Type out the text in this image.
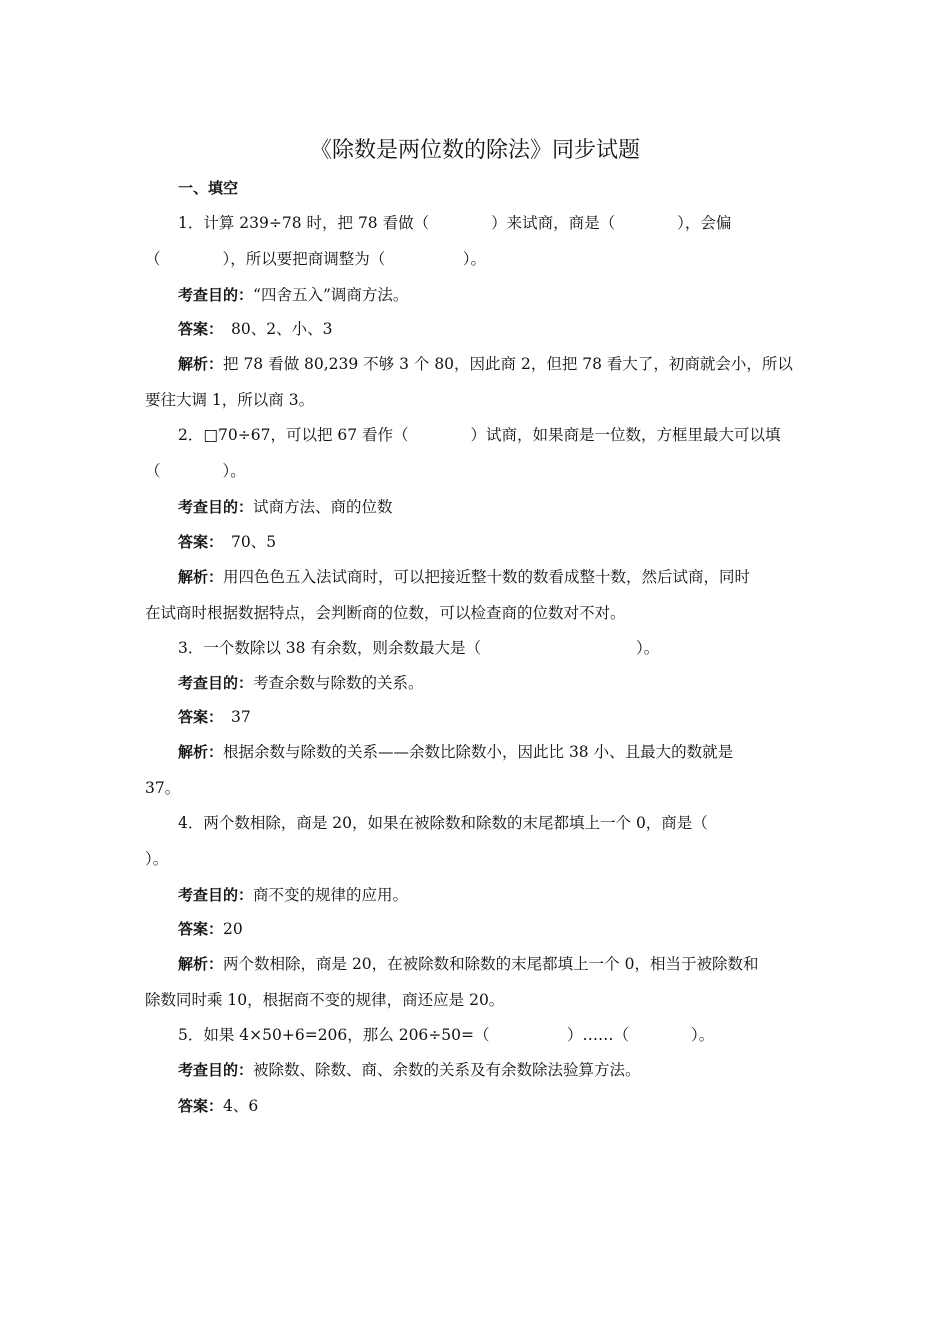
《除数是两位数的除法》同步试题
一、填空
1．计算 239÷78 时，把 78 看做（　　　　）来试商，商是（　　　　），会偏
（　　　　），所以要把商调整为（　　　　　）。
考查目的：“四舍五入”调商方法。
答案：　80、2、小、3
解析：把 78 看做 80,239 不够 3 个 80，因此商 2，但把 78 看大了，初商就会小，所以
要往大调 1，所以商 3。
2．□70÷67，可以把 67 看作（　　　　）试商，如果商是一位数，方框里最大可以填
（　　　　）。
考查目的：试商方法、商的位数
答案：　70、5
解析：用四色色五入法试商时，可以把接近整十数的数看成整十数，然后试商，同时
在试商时根据数据特点，会判断商的位数，可以检查商的位数对不对。
3．一个数除以 38 有余数，则余数最大是（　　　　　　　　　　）。
考查目的：考查余数与除数的关系。
答案：　37
解析：根据余数与除数的关系——余数比除数小，因此比 38 小、且最大的数就是
37。
4．两个数相除，商是 20，如果在被除数和除数的末尾都填上一个 0，商是（
）。
考查目的：商不变的规律的应用。
答案：20
解析：两个数相除，商是 20，在被除数和除数的末尾都填上一个 0，相当于被除数和
除数同时乘 10，根据商不变的规律，商还应是 20。
5．如果 4×50+6=206，那么 206÷50=（　　　　　）……（　　　　）。
考查目的：被除数、除数、商、余数的关系及有余数除法验算方法。
答案：4、6
